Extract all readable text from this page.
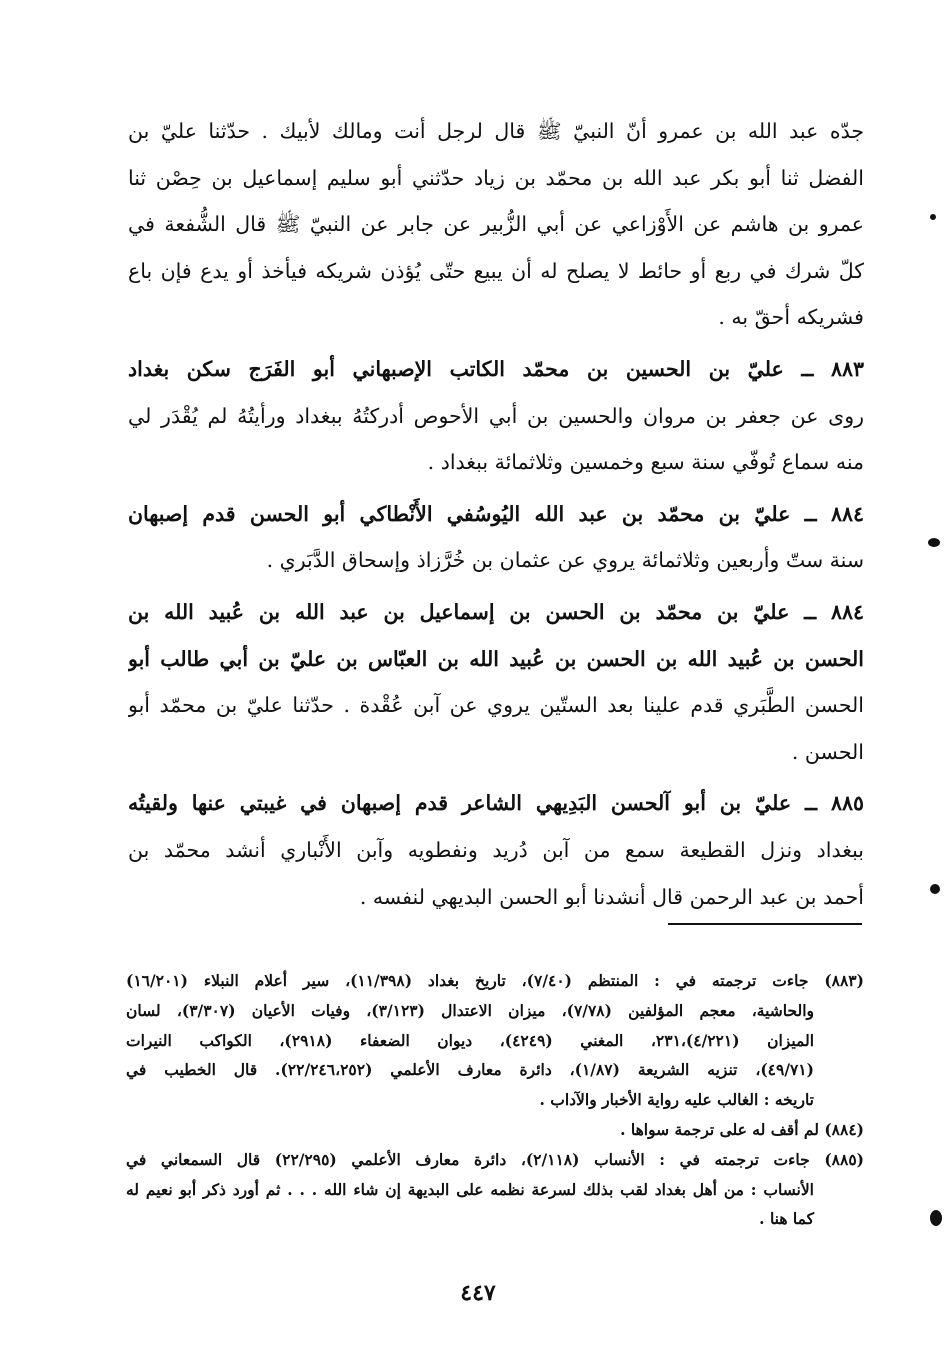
جدّه عبد الله بن عمرو أنّ النبيّ ﷺ قال لرجل أنت ومالك لأبيك . حدّثنا عليّ بن
الفضل ثنا أبو بكر عبد الله بن محمّد بن زياد حدّثني أبو سليم إسماعيل بن حِصْن ثنا
عمرو بن هاشم عن الأَوْزاعي عن أبي الزُّبير عن جابر عن النبيّ ﷺ قال الشُّفعة في
كلّ شرك في ربع أو حائط لا يصلح له أن يبيع حتّى يُؤذن شريكه فيأخذ أو يدع فإن باع
فشريكه أحقّ به .
٨٨٣ ــ عليّ بن الحسين بن محمّد الكاتب الإصبهاني أبو الفَرَج سكن بغداد
روى عن جعفر بن مروان والحسين بن أبي الأحوص أدركتُهُ ببغداد ورأيتُهُ لم يُقْدَر لي
منه سماع تُوفّي سنة سبع وخمسين وثلاثمائة ببغداد .
٨٨٤ ــ عليّ بن محمّد بن عبد الله اليُوسُفي الأَنْطاكي أبو الحسن قدم إصبهان
سنة ستّ وأربعين وثلاثمائة يروي عن عثمان بن خُرَّزاذ وإسحاق الدَّبَري .
٨٨٤ ــ عليّ بن محمّد بن الحسن بن إسماعيل بن عبد الله بن عُبيد الله بن
الحسن بن عُبيد الله بن الحسن بن عُبيد الله بن العبّاس بن عليّ بن أبي طالب أبو
الحسن الطَّبَري قدم علينا بعد الستّين يروي عن آبن عُقْدة . حدّثنا عليّ بن محمّد أبو
الحسن .
٨٨٥ ــ عليّ بن أبو آلحسن البَدِيهي الشاعر قدم إصبهان في غيبتي عنها ولقيتُه
ببغداد ونزل القطيعة سمع من آبن دُريد ونفطويه وآبن الأَنْباري أنشد محمّد بن
أحمد بن عبد الرحمن قال أنشدنا أبو الحسن البديهي لنفسه .
(٨٨٣) جاءت ترجمته في : المنتظم (٧/٤٠)، تاريخ بغداد (١١/٣٩٨)، سير أعلام النبلاء (١٦/٢٠١)
والحاشية، معجم المؤلفين (٧/٧٨)، ميزان الاعتدال (٣/١٢٣)، وفيات الأعيان (٣/٣٠٧)، لسان
الميزان (٤/٢٢١)،٢٣١، المغني (٤٢٤٩)، ديوان الضعفاء (٢٩١٨)، الكواكب النيرات
(٤٩/٧١)، تنزيه الشريعة (١/٨٧)، دائرة معارف الأعلمي (٢٢/٢٤٦،٢٥٢). قال الخطيب في
تاريخه : الغالب عليه رواية الأخبار والآداب .
(٨٨٤) لم أقف له على ترجمة سواها .
(٨٨٥) جاءت ترجمته في : الأنساب (٢/١١٨)، دائرة معارف الأعلمي (٢٢/٢٩٥) قال السمعاني في
الأنساب : من أهل بغداد لقب بذلك لسرعة نظمه على البديهة إن شاء الله . . . ثم أورد ذكر أبو نعيم له
كما هنا .
٤٤٧
